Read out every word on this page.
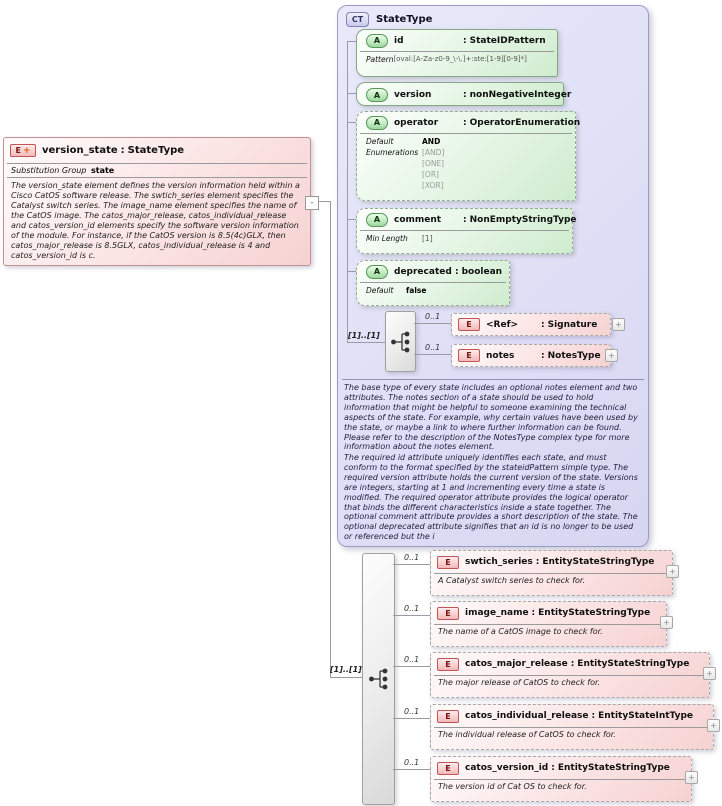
-
E + version_state : StateType
Substitution Group state
The version_state element defines the version information held within a Cisco CatOS software release. The swtich_series element specifies the Catalyst switch series. The image_name element specifies the name of the CatOS image. The catos_major_release, catos_individual_release and catos_version_id elements specify the software version information of the module. For instance, if the CatOS version is 8.5(4c)GLX, then catos_major_release is 8.5GLX, catos_individual_release is 4 and catos_version_id is c.
CT	StateType
A	id	: StateIDPattern
Pattern [oval:[A-Za-z0-9_\-\.]+:ste:[1-9][0-9]*]
A	version	: nonNegativeInteger
A	operator	: OperatorEnumeration
Default
Enumerations
AND
[AND]
[ONE]
[OR]
[XOR]
A	comment	: NonEmptyStringType
Min Length	[1]
A	deprecated : boolean
Default	false
[1]..[1]
0..1
0..1
E <Ref>	: Signature	+
E notes	: NotesType +
The base type of every state includes an optional notes element and two attributes. The notes section of a state should be used to hold information that might be helpful to someone examining the technical aspects of the state. For example, why certain values have been used by the state, or maybe a link to where further information can be found. Please refer to the description of the NotesType complex type for more information about the notes element.
The required id attribute uniquely identifies each state, and must conform to the format specified by the stateidPattern simple type. The required version attribute holds the current version of the state. Versions are integers, starting at 1 and incrementing every time a state is modified. The required operator attribute provides the logical operator that binds the different characteristics inside a state together. The optional comment attribute provides a short description of the state. The optional deprecated attribute signifies that an id is no longer to be used or referenced but the i
[1]..[1]
0..1
0..1
0..1
0..1
0..1
E swtich_series : EntityStateStringType
A Catalyst switch series to check for.
+
E image_name : EntityStateStringType
The name of a CatOS image to check for.
+
E catos_major_release : EntityStateStringType
The major release of CatOS to check for.
+
E catos_individual_release : EntityStateIntType
The individual release of CatOS to check for.
+
E catos_version_id : EntityStateStringType
The version id of Cat OS to check for.
+
